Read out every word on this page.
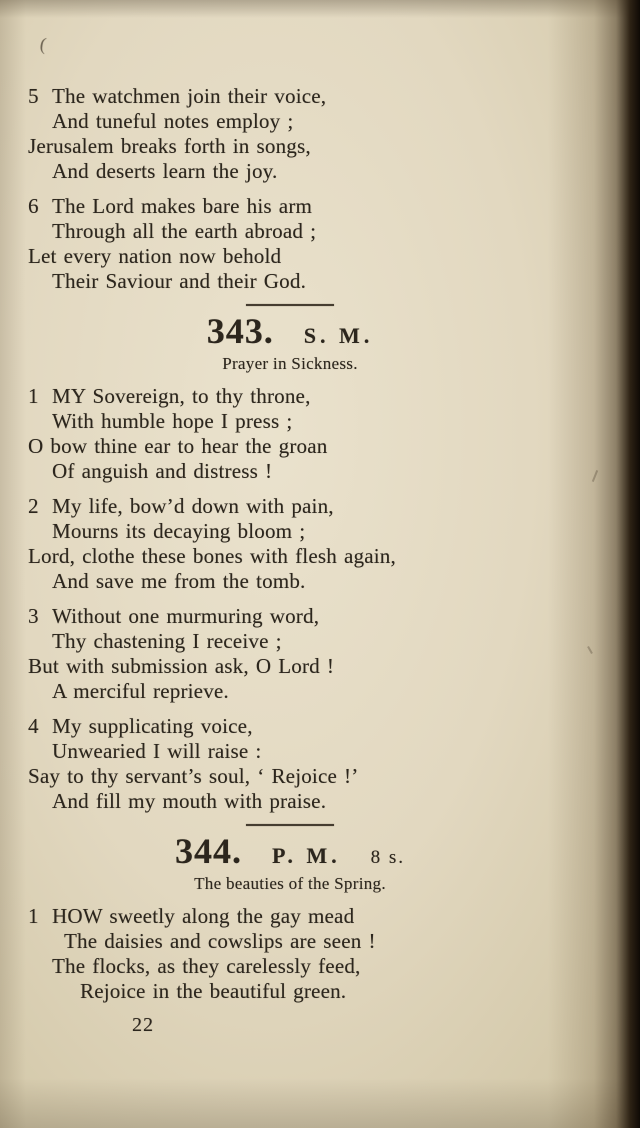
(
5 The watchmen join their voice,
And tuneful notes employ ;
Jerusalem breaks forth in songs,
And deserts learn the joy.
6 The Lord makes bare his arm
Through all the earth abroad ;
Let every nation now behold
Their Saviour and their God.
343. S. M.
Prayer in Sickness.
1 MY Sovereign, to thy throne,
With humble hope I press ;
O bow thine ear to hear the groan
Of anguish and distress !
2 My life, bow’d down with pain,
Mourns its decaying bloom ;
Lord, clothe these bones with flesh again,
And save me from the tomb.
3 Without one murmuring word,
Thy chastening I receive ;
But with submission ask, O Lord !
A merciful reprieve.
4 My supplicating voice,
Unwearied I will raise :
Say to thy servant’s soul, ‘ Rejoice !’
And fill my mouth with praise.
344. P. M. 8 s.
The beauties of the Spring.
1 HOW sweetly along the gay mead
The daisies and cowslips are seen !
The flocks, as they carelessly feed,
Rejoice in the beautiful green.
22
